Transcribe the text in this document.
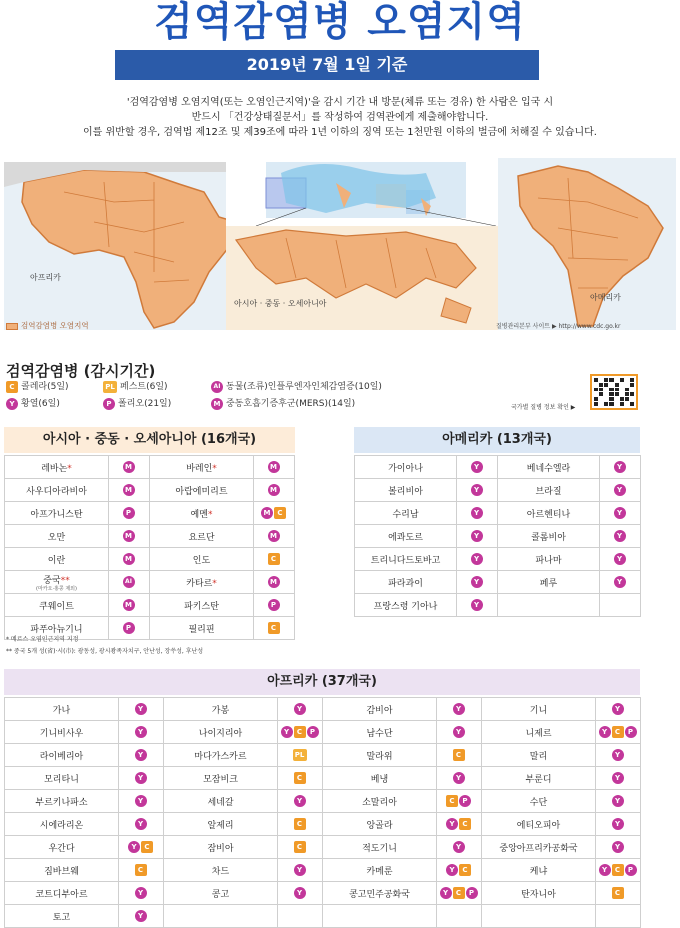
검역감염병 오염지역
2019년 7월 1일 기준
'검역감염병 오염지역(또는 오염인근지역)'을 감시 기간 내 방문(체류 또는 경유) 한 사람은 입국 시
반드시 「건강상태질문서」를 작성하여 검역관에게 제출해야합니다.
이를 위반할 경우, 검역법 제12조 및 제39조에 따라 1년 이하의 징역 또는 1천만원 이하의 벌금에 처해질 수 있습니다.
아프리카
아시아 · 중동 · 오세아니아
아메리카
검역감염병 오염지역	질병관리본부 사이트 ▶ http://www.cdc.go.kr
검역감염병 (감시기간)
C 콜레라(5일)	PL 페스트(6일)	AI 동물(조류)인플루엔자인체감염증(10일)
Y 황열(6일)	P 폴리오(21일)	M 중동호흡기증후군(MERS)(14일)	국가별 질병 정보 확인 ▶
아시아 · 중동 · 오세아니아 (16개국)
레바논*	M	바레인*	M
사우디아라비아	M	아랍에미리트	M
아프가니스탄	P	예멘*	M C
오만	M	요르단	M
이란	M	인도	C
중국**
(마카오·홍콩 제외)	AI	카타르*	M
쿠웨이트	M	파키스탄	P
파푸아뉴기니	P	필리핀	C
아메리카 (13개국)
가이아나	Y	베네수엘라	Y
볼리비아	Y	브라질	Y
수리남	Y	아르헨티나	Y
에콰도르	Y	콜롬비아	Y
트리니다드토바고	Y	파나마	Y
파라과이	Y	페루	Y
프랑스령 기아나	Y		
* 메르스 오염인근지역 지정
** 중국 5개 성(省)·시(市): 광동성, 광시좡족자치구, 안난성, 장쑤성, 후난성
아프리카 (37개국)
가나	Y	가봉	Y	감비아	Y	기니	Y
기니비사우	Y	나이지리아	Y C P	남수단	Y	니제르	Y C P
라이베리아	Y	마다가스카르	PL	말라위	C	말리	Y
모리타니	Y	모잠비크	C	베냉	Y	부룬디	Y
부르키나파소	Y	세네갈	Y	소말리아	C P	수단	Y
시에라리온	Y	알제리	C	앙골라	Y C	에티오피아	Y
우간다	Y C	잠비아	C	적도기니	Y	중앙아프리카공화국	Y
짐바브웨	C	차드	Y	카메룬	Y C	케냐	Y C P
코트디부아르	Y	콩고	Y	콩고민주공화국	Y C P	탄자니아	C
토고	Y						
